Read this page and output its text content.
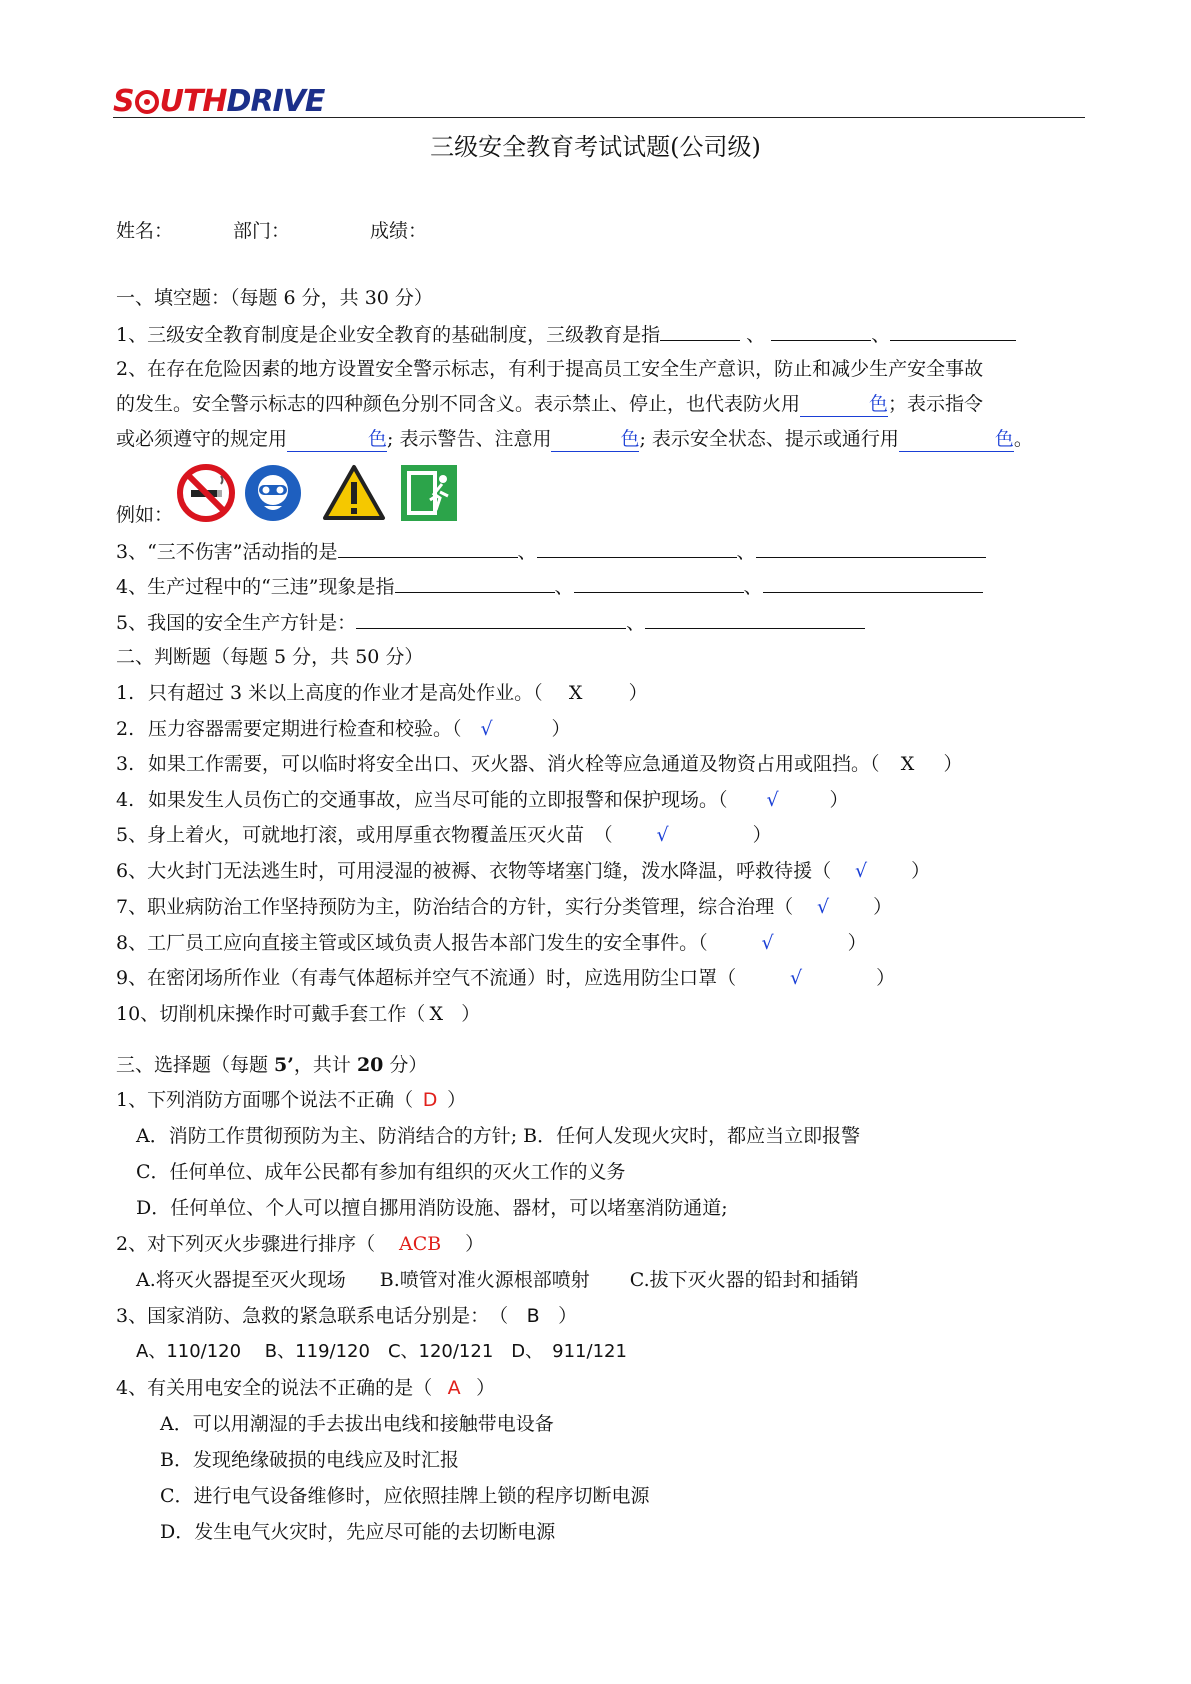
S UTHDRIVE
三级安全教育考试试题(公司级)
姓名：	部门：	成绩：
一、填空题：（每题 6 分，共 30 分）
1、三级安全教育制度是企业安全教育的基础制度，三级教育是指	、	、
2、在存在危险因素的地方设置安全警示标志，有利于提高员工安全生产意识，防止和减少生产安全事故
的发生。安全警示标志的四种颜色分别不同含义。表示禁止、停止，也代表防火用	色；表示指令
或必须遵守的规定用	色; 表示警告、注意用	色; 表示安全状态、提示或通行用	色。
例如：
3、“三不伤害”活动指的是	、	、
4、生产过程中的“三违”现象是指	、	、
5、我国的安全生产方针是：	、
二、判断题（每题 5 分，共 50 分）
1. 只有超过 3 米以上高度的作业才是高处作业。（ X ）
2. 压力容器需要定期进行检查和校验。（ √	）
3. 如果工作需要，可以临时将安全出口、灭火器、消火栓等应急通道及物资占用或阻挡。（ X ）
4. 如果发生人员伤亡的交通事故，应当尽可能的立即报警和保护现场。（ √	）
5、身上着火，可就地打滚，或用厚重衣物覆盖压灭火苗　（ √	）
6、大火封门无法逃生时，可用浸湿的被褥、衣物等堵塞门缝，泼水降温，呼救待援（ √ ）
7、职业病防治工作坚持预防为主，防治结合的方针，实行分类管理，综合治理（ √ ）
8、工厂员工应向直接主管或区域负责人报告本部门发生的安全事件。（	√	）
9、在密闭场所作业（有毒气体超标并空气不流通）时，应选用防尘口罩（	√	）
10、切削机床操作时可戴手套工作（ X ）
三、选择题（每题 5’，共计 20 分）
1、下列消防方面哪个说法不正确（ D ）
A．消防工作贯彻预防为主、防消结合的方针; B．任何人发现火灾时，都应当立即报警
C．任何单位、成年公民都有参加有组织的灭火工作的义务
D．任何单位、个人可以擅自挪用消防设施、器材，可以堵塞消防通道;
2、对下列灭火步骤进行排序（ ACB ）
A.将灭火器提至灭火现场 B.喷管对准火源根部喷射 C.拔下灭火器的铅封和插销
3、国家消防、急救的紧急联系电话分别是：　（ B ）
A、110/120　 B、119/120　C、120/121　D、　911/121
4、有关用电安全的说法不正确的是（ A ）
A．可以用潮湿的手去拔出电线和接触带电设备
B．发现绝缘破损的电线应及时汇报
C．进行电气设备维修时，应依照挂牌上锁的程序切断电源
D．发生电气火灾时，先应尽可能的去切断电源
